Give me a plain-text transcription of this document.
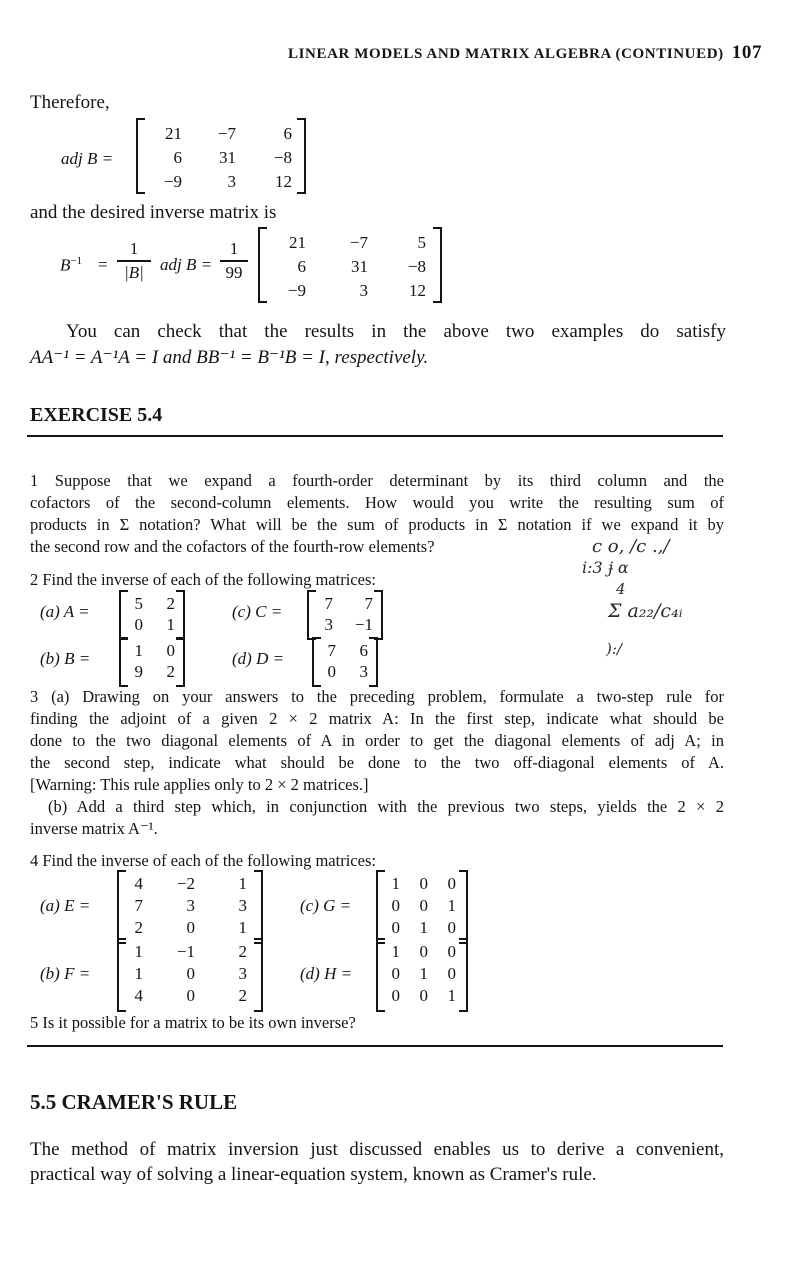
LINEAR MODELS AND MATRIX ALGEBRA (CONTINUED) 107
Therefore,
adj B =
21	−7	6
6	31	−8
−9	3	12
and the desired inverse matrix is
$B^{-1}$ =
1
|B| adj B =
1
99
21	−7	5
6	31	−8
−9	3	12
You can check that the results in the above two examples do satisfy
AA⁻¹ = A⁻¹A = I and BB⁻¹ = B⁻¹B = I, respectively.
EXERCISE 5.4
1 Suppose that we expand a fourth-order determinant by its third column and the
cofactors of the second-column elements. How would you write the resulting sum of
products in Σ notation? What will be the sum of products in Σ notation if we expand it by
the second row and the cofactors of the fourth-row elements?
2 Find the inverse of each of the following matrices:
(a) A =	5	2
0	1
(c) C =	7	7
3	−1
(b) B =	1	0
9	2
(d) D =	7	6
0	3
c o, /c .,/
i:3 ɉ ɑ
4
Σ a₂₂/c₄ᵢ
):/
3 (a) Drawing on your answers to the preceding problem, formulate a two-step rule for
finding the adjoint of a given 2 × 2 matrix A: In the first step, indicate what should be
done to the two diagonal elements of A in order to get the diagonal elements of adj A; in
the second step, indicate what should be done to the two off-diagonal elements of A.
[Warning: This rule applies only to 2 × 2 matrices.]
(b) Add a third step which, in conjunction with the previous two steps, yields the 2 × 2
inverse matrix A⁻¹.
4 Find the inverse of each of the following matrices:
(a) E =
4	−2	1
7	3	3
2	0	1
(c) G =
1	0	0
0	0	1
0	1	0
(b) F =
1	−1	2
1	0	3
4	0	2
(d) H =
1	0	0
0	1	0
0	0	1
5 Is it possible for a matrix to be its own inverse?
5.5 CRAMER'S RULE
The method of matrix inversion just discussed enables us to derive a convenient,
practical way of solving a linear-equation system, known as Cramer's rule.
